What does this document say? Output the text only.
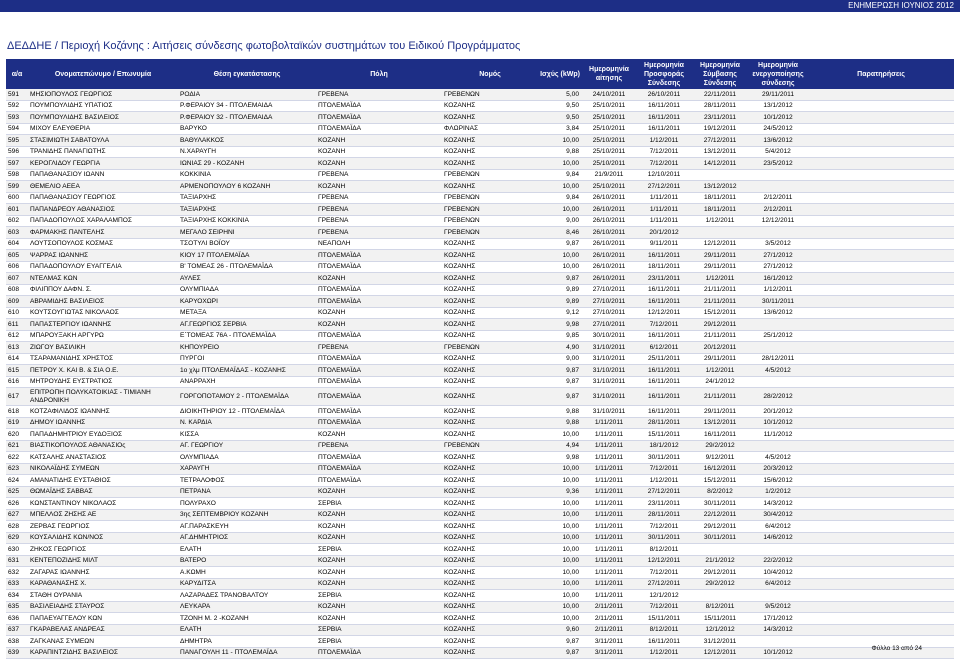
ΕΝΗΜΕΡΩΣΗ ΙΟΥΝΙΟΣ 2012
ΔΕΔΔΗΕ / Περιοχή Κοζάνης : Αιτήσεις σύνδεσης φωτοβολταϊκών συστημάτων του Ειδικού Προγράμματος
α/α	Ονοματεπώνυμο / Επωνυμία	Θέση εγκατάστασης	Πόλη	Νομός	Ισχύς (kWp)	Ημερομηνία αίτησης	Ημερομηνία Προσφοράς Σύνδεσης	Ημερομηνία Σύμβασης Σύνδεσης	Ημερομηνία ενεργοποίησης σύνδεσης	Παρατηρήσεις
591	ΜΗΣΙΟΠΟΥΛΟΣ ΓΕΩΡΓΙΟΣ	ΡΟΔΙΑ	ΓΡΕΒΕΝΑ	ΓΡΕΒΕΝΩΝ	5,00	24/10/2011	26/10/2011	22/11/2011	29/11/2011	
592	ΠΟΥΜΠΟΥΛΙΔΗΣ ΥΠΑΤΙΟΣ	Ρ.ΦΕΡΑΙΟΥ 34 - ΠΤΟΛΕΜΑΙΔΑ	ΠΤΟΛΕΜΑΪΔΑ	ΚΟΖΑΝΗΣ	9,50	25/10/2011	16/11/2011	28/11/2011	13/1/2012	
593	ΠΟΥΜΠΟΥΛΙΔΗΣ ΒΑΣΙΛΕΙΟΣ	Ρ.ΦΕΡΑΙΟΥ 32 - ΠΤΟΛΕΜΑΙΔΑ	ΠΤΟΛΕΜΑΪΔΑ	ΚΟΖΑΝΗΣ	9,50	25/10/2011	16/11/2011	23/11/2011	10/1/2012	
594	ΜΙΧΟΥ ΕΛΕΥΘΕΡΙΑ	ΒΑΡΥΚΟ	ΠΤΟΛΕΜΑΪΔΑ	ΦΛΩΡΙΝΑΣ	3,84	25/10/2011	16/11/2011	19/12/2011	24/5/2012	
595	ΣΤΑΣΙΜΙΩΤΗ ΣΑΒΑΤΟΥΛΑ	ΒΑΘΥΛΑΚΚΟΣ	ΚΟΖΑΝΗ	ΚΟΖΑΝΗΣ	10,00	25/10/2011	1/12/2011	27/12/2011	13/6/2012	
596	ΤΡΑΝΙΔΗΣ ΠΑΝΑΓΙΩΤΗΣ	Ν.ΧΑΡΑΥΓΗ	ΚΟΖΑΝΗ	ΚΟΖΑΝΗΣ	9,88	25/10/2011	7/12/2011	13/12/2011	5/4/2012	
597	ΚΕΡΟΓΛΙΔΟΥ ΓΕΩΡΓΙΑ	ΙΩΝΙΑΣ 29 - ΚΟΖΑΝΗ	ΚΟΖΑΝΗ	ΚΟΖΑΝΗΣ	10,00	25/10/2011	7/12/2011	14/12/2011	23/5/2012	
598	ΠΑΠΑΘΑΝΑΣΙΟΥ ΙΩΑΝΝ	ΚΟΚΚΙΝΙΑ	ΓΡΕΒΕΝΑ	ΓΡΕΒΕΝΩΝ	9,84	21/9/2011	12/10/2011			
599	ΘΕΜΕΛΙΟ ΑΕΕΑ	ΑΡΜΕΝΟΠΟΥΛΟΥ 6 ΚΟΖΑΝΗ	ΚΟΖΑΝΗ	ΚΟΖΑΝΗΣ	10,00	25/10/2011	27/12/2011	13/12/2012		
600	ΠΑΠΑΘΑΝΑΣΙΟΥ ΓΕΩΡΓΙΟΣ	ΤΑΞΙΑΡΧΗΣ	ΓΡΕΒΕΝΑ	ΓΡΕΒΕΝΩΝ	9,84	26/10/2011	1/11/2011	18/11/2011	2/12/2011	
601	ΠΑΠΑΝΔΡΕΟΥ ΑΘΑΝΑΣΙΟΣ	ΤΑΞΙΑΡΧΗΣ	ΓΡΕΒΕΝΑ	ΓΡΕΒΕΝΩΝ	10,00	26/10/2011	1/11/2011	18/11/2011	2/12/2011	
602	ΠΑΠΑΔΟΠΟΥΛΟΣ ΧΑΡΑΛΑΜΠΟΣ	ΤΑΞΙΑΡΧΗΣ ΚΟΚΚΙΝΙΑ	ΓΡΕΒΕΝΑ	ΓΡΕΒΕΝΩΝ	9,00	26/10/2011	1/11/2011	1/12/2011	12/12/2011	
603	ΦΑΡΜΑΚΗΣ ΠΑΝΤΕΛΗΣ	ΜΕΓΑΛΟ ΣΕΙΡΗΝΙ	ΓΡΕΒΕΝΑ	ΓΡΕΒΕΝΩΝ	8,46	26/10/2011	20/1/2012			
604	ΛΟΥΤΣΟΠΟΥΛΟΣ ΚΟΣΜΑΣ	ΤΣΟΤΥΛΙ ΒΟΪΟΥ	ΝΕΑΠΟΛΗ	ΚΟΖΑΝΗΣ	9,87	26/10/2011	9/11/2011	12/12/2011	3/5/2012	
605	ΨΑΡΡΑΣ ΙΩΑΝΝΗΣ	ΚΙΟΥ 17 ΠΤΟΛΕΜΑΪΔΑ	ΠΤΟΛΕΜΑΪΔΑ	ΚΟΖΑΝΗΣ	10,00	26/10/2011	16/11/2011	29/11/2011	27/1/2012	
606	ΠΑΠΑΔΟΠΟΥΛΟΥ ΕΥΑΓΓΕΛΙΑ	Β' ΤΟΜΕΑΣ 26 - ΠΤΟΛΕΜΑΪΔΑ	ΠΤΟΛΕΜΑΪΔΑ	ΚΟΖΑΝΗΣ	10,00	26/10/2011	18/11/2011	29/11/2011	27/1/2012	
607	ΝΤΕΛΜΑΣ ΚΩΝ	ΑΥΛΕΣ	ΚΟΖΑΝΗ	ΚΟΖΑΝΗΣ	9,87	26/10/2011	23/11/2011	1/12/2011	16/1/2012	
608	ΦΙΛΙΠΠΟΥ ΔΑΦΝ. Σ.	ΟΛΥΜΠΙΑΔΑ	ΠΤΟΛΕΜΑΪΔΑ	ΚΟΖΑΝΗΣ	9,89	27/10/2011	16/11/2011	21/11/2011	1/12/2011	
609	ΑΒΡΑΜΙΔΗΣ ΒΑΣΙΛΕΙΟΣ	ΚΑΡΥΟΧΩΡΙ	ΠΤΟΛΕΜΑΪΔΑ	ΚΟΖΑΝΗΣ	9,89	27/10/2011	16/11/2011	21/11/2011	30/11/2011	
610	ΚΟΥΤΣΟΥΓΙΩΤΑΣ ΝΙΚΟΛΑΟΣ	ΜΕΤΑΞΑ	ΚΟΖΑΝΗ	ΚΟΖΑΝΗΣ	9,12	27/10/2011	12/12/2011	15/12/2011	13/6/2012	
611	ΠΑΠΑΣΤΕΡΓΙΟΥ ΙΩΑΝΝΗΣ	ΑΓ.ΓΕΩΡΓΙΟΣ ΣΕΡΒΙΑ	ΚΟΖΑΝΗ	ΚΟΖΑΝΗΣ	9,98	27/10/2011	7/12/2011	29/12/2011		
612	ΜΠΑΡΟΥΞΑΚΗ ΑΡΓΥΡΩ	Ε΄ΤΟΜΕΑΣ 76Α - ΠΤΟΛΕΜΑΪΔΑ	ΠΤΟΛΕΜΑΪΔΑ	ΚΟΖΑΝΗΣ	9,85	30/10/2011	16/11/2011	21/11/2011	25/1/2012	
613	ΖΙΩΓΟΥ ΒΑΣΙΛΙΚΗ	ΚΗΠΟΥΡΕΙΟ	ΓΡΕΒΕΝΑ	ΓΡΕΒΕΝΩΝ	4,90	31/10/2011	6/12/2011	20/12/2011		
614	ΤΣΑΡΑΜΑΝΙΔΗΣ ΧΡΗΣΤΟΣ	ΠΥΡΓΟΙ	ΠΤΟΛΕΜΑΪΔΑ	ΚΟΖΑΝΗΣ	9,00	31/10/2011	25/11/2011	29/11/2011	28/12/2011	
615	ΠΕΤΡΟΥ Χ. ΚΑΙ Β. & ΣΙΑ Ο.Ε.	1ο χλμ ΠΤΟΛΕΜΑΪΔΑΣ - ΚΟΖΑΝΗΣ	ΠΤΟΛΕΜΑΪΔΑ	ΚΟΖΑΝΗΣ	9,87	31/10/2011	16/11/2011	1/12/2011	4/5/2012	
616	ΜΗΤΡΟΥΔΗΣ ΕΥΣΤΡΑΤΙΟΣ	ΑΝΑΡΡΑΧΗ	ΠΤΟΛΕΜΑΪΔΑ	ΚΟΖΑΝΗΣ	9,87	31/10/2011	16/11/2011	24/1/2012		
617	ΕΠΙΤΡΟΠΗ ΠΟΛΥΚΑΤΟΙΚΙΑΣ - ΤΙΜΙΑΝΗ ΑΝΔΡΟΝΙΚΗ	ΓΟΡΓΟΠΟΤΑΜΟΥ 2 - ΠΤΟΛΕΜΑΪΔΑ	ΠΤΟΛΕΜΑΪΔΑ	ΚΟΖΑΝΗΣ	9,87	31/10/2011	16/11/2011	21/11/2011	28/2/2012	
618	ΚΟΤΖΑΦΙΛΙΔΟΣ ΙΩΑΝΝΗΣ	ΔΙΟΙΚΗΤΗΡΙΟΥ 12 - ΠΤΟΛΕΜΑΪΔΑ	ΠΤΟΛΕΜΑΪΔΑ	ΚΟΖΑΝΗΣ	9,88	31/10/2011	16/11/2011	29/11/2011	20/1/2012	
619	ΔΗΜΟΥ ΙΩΑΝΝΗΣ	Ν. ΚΑΡΔΙΑ	ΠΤΟΛΕΜΑΪΔΑ	ΚΟΖΑΝΗΣ	9,88	1/11/2011	28/11/2011	13/12/2011	10/1/2012	
620	ΠΑΠΑΔΗΜΗΤΡΙΟΥ ΕΥΔΟΞΙΟΣ	ΚΙΣΣΑ	ΚΟΖΑΝΗ	ΚΟΖΑΝΗΣ	10,00	1/11/2011	15/11/2011	16/11/2011	11/1/2012	
621	ΒΙΑΣΤΙΚΟΠΟΥΛΟΣ ΑΘΑΝΑΣΙΟς	ΑΓ. ΓΕΩΡΓΙΟΥ	ΓΡΕΒΕΝΑ	ΓΡΕΒΕΝΩΝ	4,94	1/11/2011	18/1/2012	29/2/2012		
622	ΚΑΤΣΑΛΗΣ ΑΝΑΣΤΑΣΙΟΣ	ΟΛΥΜΠΙΑΔΑ	ΠΤΟΛΕΜΑΪΔΑ	ΚΟΖΑΝΗΣ	9,98	1/11/2011	30/11/2011	9/12/2011	4/5/2012	
623	ΝΙΚΟΛΑΪΔΗΣ ΣΥΜΕΩΝ	ΧΑΡΑΥΓΗ	ΠΤΟΛΕΜΑΪΔΑ	ΚΟΖΑΝΗΣ	10,00	1/11/2011	7/12/2011	16/12/2011	20/3/2012	
624	ΑΜΑΝΑΤΙΔΗΣ ΕΥΣΤΑΘΙΟΣ	ΤΕΤΡΑΛΟΦΟΣ	ΠΤΟΛΕΜΑΪΔΑ	ΚΟΖΑΝΗΣ	10,00	1/11/2011	1/12/2011	15/12/2011	15/6/2012	
625	ΘΩΜΑΪΔΗΣ ΣΑΒΒΑΣ	ΠΕΤΡΑΝΑ	ΚΟΖΑΝΗ	ΚΟΖΑΝΗΣ	9,36	1/11/2011	27/12/2011	8/2/2012	1/2/2012	
626	ΚΩΝΣΤΑΝΤΙΝΟΥ ΝΙΚΟΛΑΟΣ	ΠΟΛΥΡΑΧΟ	ΣΕΡΒΙΑ	ΚΟΖΑΝΗΣ	10,00	1/11/2011	23/11/2011	30/11/2011	14/3/2012	
627	ΜΠΕΛΛΟΣ ΖΗΣΗΣ ΑΕ	3ης ΣΕΠΤΕΜΒΡΙΟΥ ΚΟΖΑΝΗ	ΚΟΖΑΝΗ	ΚΟΖΑΝΗΣ	10,00	1/11/2011	28/11/2011	22/12/2011	30/4/2012	
628	ΖΕΡΒΑΣ ΓΕΩΡΓΙΟΣ	ΑΓ.ΠΑΡΑΣΚΕΥΗ	ΚΟΖΑΝΗ	ΚΟΖΑΝΗΣ	10,00	1/11/2011	7/12/2011	29/12/2011	6/4/2012	
629	ΚΟΥΣΑΛΙΔΗΣ ΚΩΝ/ΝΟΣ	ΑΓ.ΔΗΜΗΤΡΙΟΣ	ΚΟΖΑΝΗ	ΚΟΖΑΝΗΣ	10,00	1/11/2011	30/11/2011	30/11/2011	14/6/2012	
630	ΖΗΚΟΣ ΓΕΩΡΓΙΟΣ	ΕΛΑΤΗ	ΣΕΡΒΙΑ	ΚΟΖΑΝΗΣ	10,00	1/11/2011	8/12/2011			
631	ΚΕΝΤΕΠΟΖΙΔΗΣ ΜΙΛΤ	ΒΑΤΕΡΟ	ΚΟΖΑΝΗ	ΚΟΖΑΝΗΣ	10,00	1/11/2011	12/12/2011	21/1/2012	22/2/2012	
632	ΖΑΓΑΡΑΣ ΙΩΑΝΝΗΣ	Α.ΚΩΜΗ	ΚΟΖΑΝΗ	ΚΟΖΑΝΗΣ	10,00	1/11/2011	7/12/2011	29/12/2011	10/4/2012	
633	ΚΑΡΑΘΑΝΑΣΗΣ Χ.	ΚΑΡΥΔΙΤΣΑ	ΚΟΖΑΝΗ	ΚΟΖΑΝΗΣ	10,00	1/11/2011	27/12/2011	29/2/2012	6/4/2012	
634	ΣΤΑΘΗ ΟΥΡΑΝΙΑ	ΛΑΖΑΡΑΔΕΣ ΤΡΑΝΟΒΑΛΤΟΥ	ΣΕΡΒΙΑ	ΚΟΖΑΝΗΣ	10,00	1/11/2011	12/1/2012			
635	ΒΑΣΙΛΕΙΑΔΗΣ ΣΤΑΥΡΟΣ	ΛΕΥΚΑΡΑ	ΚΟΖΑΝΗ	ΚΟΖΑΝΗΣ	10,00	2/11/2011	7/12/2011	8/12/2011	9/5/2012	
636	ΠΑΠΑΕΥΑΓΓΕΛΟΥ ΚΩΝ	ΤΖΟΝΗ Μ. 2 -ΚΟΖΑΝΗ	ΚΟΖΑΝΗ	ΚΟΖΑΝΗΣ	10,00	2/11/2011	15/11/2011	15/11/2011	17/1/2012	
637	ΓΚΑΡΑΒΕΛΑΣ ΑΝΔΡΕΑΣ	ΕΛΑΤΗ	ΣΕΡΒΙΑ	ΚΟΖΑΝΗΣ	9,60	2/11/2011	8/12/2011	12/1/2012	14/3/2012	
638	ΖΑΓΚΑΝΑΣ ΣΥΜΕΩΝ	ΔΗΜΗΤΡΑ	ΣΕΡΒΙΑ	ΚΟΖΑΝΗΣ	9,87	3/11/2011	16/11/2011	31/12/2011		
639	ΚΑΡΑΠΙΝΤΖΙΔΗΣ ΒΑΣΙΛΕΙΟΣ	ΠΑΝΑΓΟΥΛΗ 11 - ΠΤΟΛΕΜΑΪΔΑ	ΠΤΟΛΕΜΑΪΔΑ	ΚΟΖΑΝΗΣ	9,87	3/11/2011	1/12/2011	12/12/2011	10/1/2012	
Φύλλο 13 από 24
